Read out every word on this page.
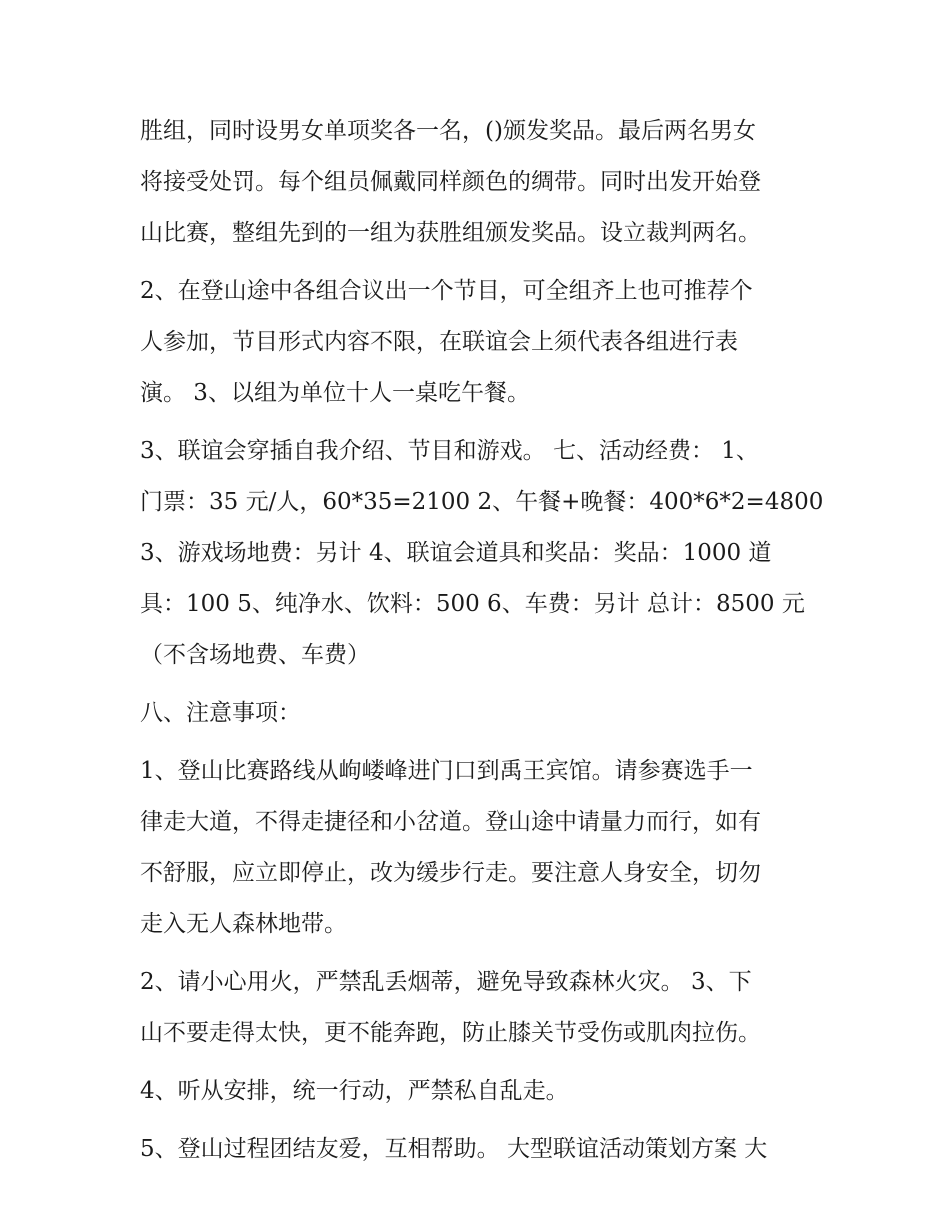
胜组，同时设男女单项奖各一名，()颁发奖品。最后两名男女
将接受处罚。每个组员佩戴同样颜色的绸带。同时出发开始登
山比赛，整组先到的一组为获胜组颁发奖品。设立裁判两名。
2、在登山途中各组合议出一个节目，可全组齐上也可推荐个
人参加，节目形式内容不限，在联谊会上须代表各组进行表
演。 3、以组为单位十人一桌吃午餐。
3、联谊会穿插自我介绍、节目和游戏。 七、活动经费： 1、
门票：35 元/人，60*35=2100 2、午餐+晚餐：400*6*2=4800
3、游戏场地费：另计 4、联谊会道具和奖品：奖品：1000 道
具：100 5、纯净水、饮料：500 6、车费：另计 总计：8500 元
（不含场地费、车费）
八、注意事项：
1、登山比赛路线从岣嵝峰进门口到禹王宾馆。请参赛选手一
律走大道，不得走捷径和小岔道。登山途中请量力而行，如有
不舒服，应立即停止，改为缓步行走。要注意人身安全，切勿
走入无人森林地带。
2、请小心用火，严禁乱丢烟蒂，避免导致森林火灾。 3、下
山不要走得太快，更不能奔跑，防止膝关节受伤或肌肉拉伤。
4、听从安排，统一行动，严禁私自乱走。
5、登山过程团结友爱，互相帮助。 大型联谊活动策划方案 大
